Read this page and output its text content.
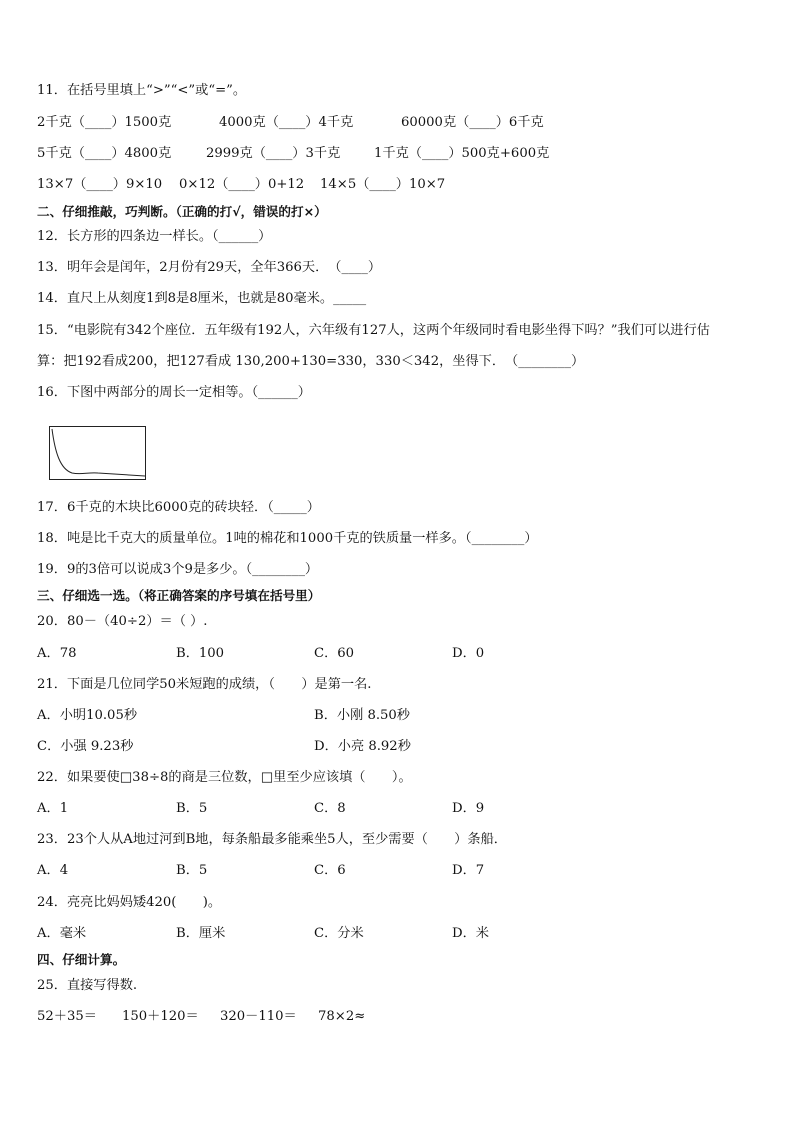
11．在括号里填上“>”“<”或“=”。
2千克（____）1500克	4000克（____）4千克	60000克（____）6千克
5千克（____）4800克	2999克（____）3千克	1千克（____）500克+600克
13×7（____）9×10 0×12（____）0+12 14×5（____）10×7
二、仔细推敲，巧判断。（正确的打√，错误的打×）
12．长方形的四条边一样长。（______）
13．明年会是闰年，2月份有29天，全年366天．　（____）
14．直尺上从刻度1到8是8厘米，也就是80毫米。_____
15．“电影院有342个座位．五年级有192人，六年级有127人，这两个年级同时看电影坐得下吗？”我们可以进行估
算：把192看成200，把127看成 130,200+130=330，330＜342，坐得下．　（________）
16．下图中两部分的周长一定相等。（______）
17．6千克的木块比6000克的砖块轻．（_____）
18．吨是比千克大的质量单位。1吨的棉花和1000千克的铁质量一样多。（________）
19．9的3倍可以说成3个9是多少。（________）
三、仔细选一选。（将正确答案的序号填在括号里）
20．80－（40÷2）＝（ ）.
A．78	B．100	C．60	D．0
21．下面是几位同学50米短跑的成绩，（　　）是第一名.
A．小明10.05秒	B．小刚 8.50秒
C．小强 9.23秒	D．小亮 8.92秒
22．如果要使□38÷8的商是三位数，□里至少应该填（　　）。
A．1	B．5	C．8	D．9
23．23个人从A地过河到B地，每条船最多能乘坐5人，至少需要（　　）条船．
A．4	B．5	C．6	D．7
24．亮亮比妈妈矮420(　　)。
A．毫米	B．厘米	C．分米	D．米
四、仔细计算。
25．直接写得数.
52＋35＝ 150＋120＝ 320－110＝ 78×2≈
